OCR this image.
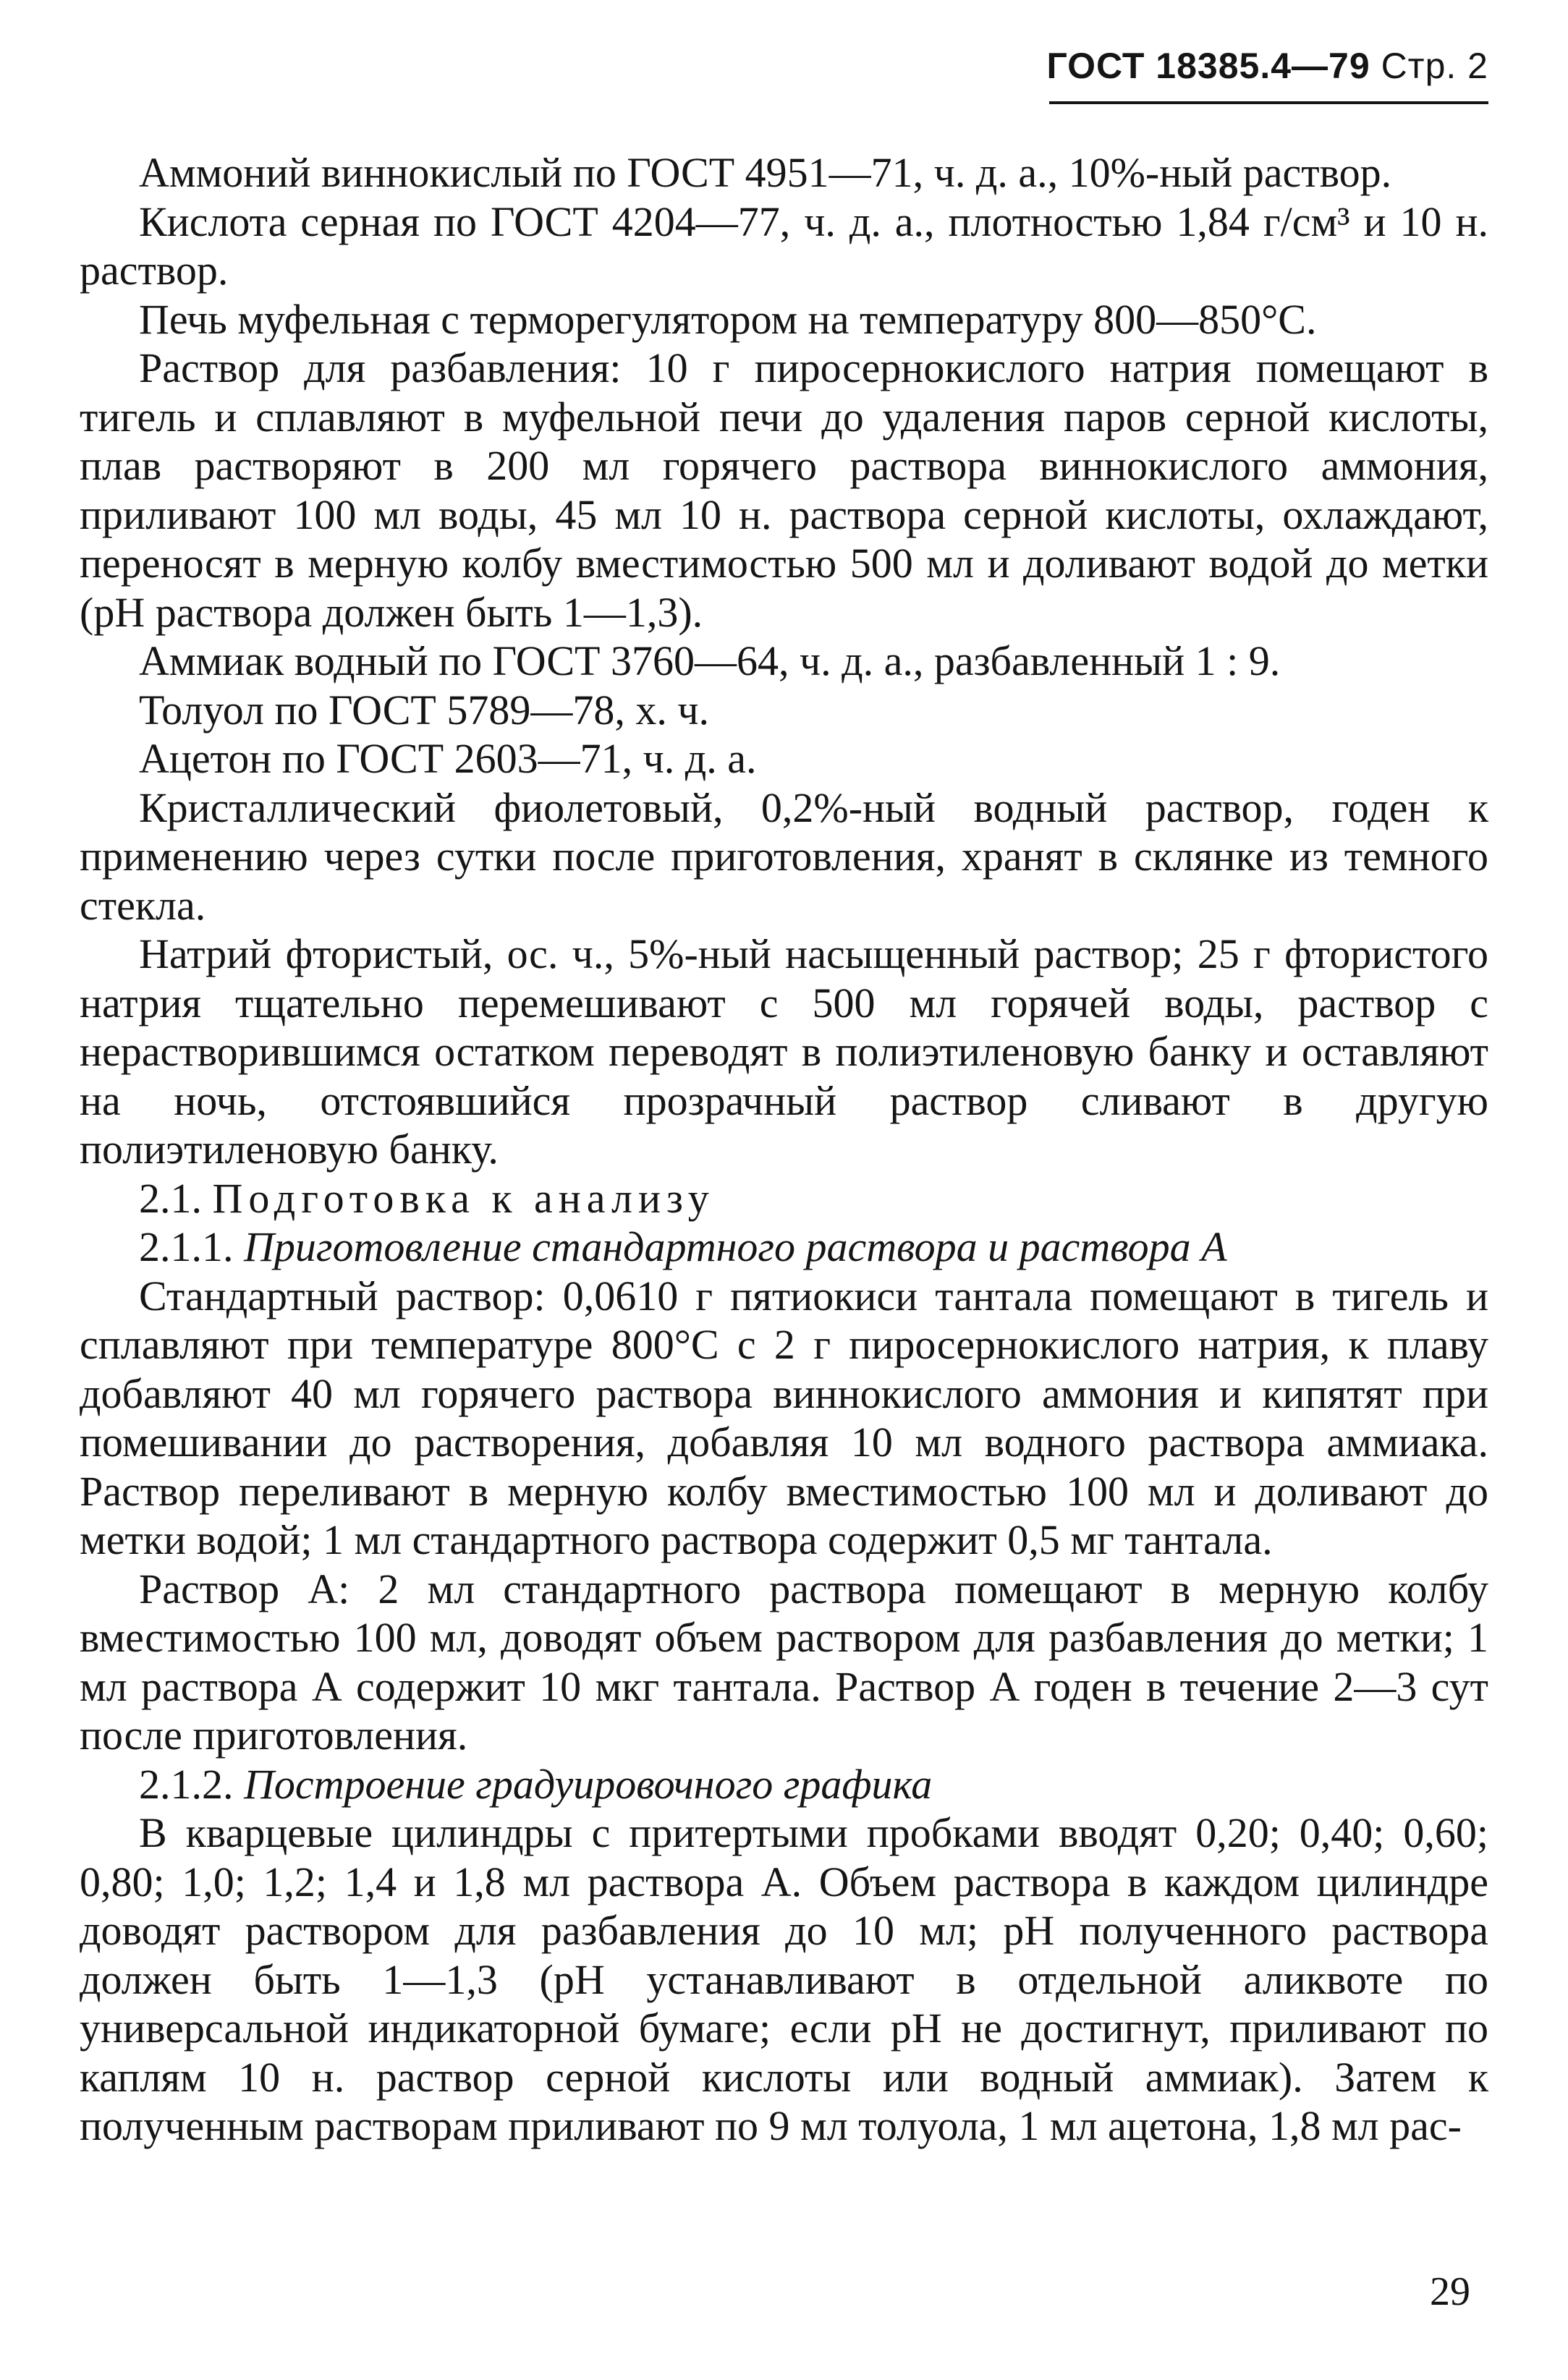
ГОСТ 18385.4—79 Стр. 2

Аммоний виннокислый по ГОСТ 4951—71, ч. д. а., 10%-ный раствор.

Кислота серная по ГОСТ 4204—77, ч. д. а., плотностью 1,84 г/см³ и 10 н. раствор.

Печь муфельная с терморегулятором на температуру 800—850°С.

Раствор для разбавления: 10 г пиросернокислого натрия помещают в тигель и сплавляют в муфельной печи до удаления паров серной кислоты, плав растворяют в 200 мл горячего раствора виннокислого аммония, приливают 100 мл воды, 45 мл 10 н. раствора серной кислоты, охлаждают, переносят в мерную колбу вместимостью 500 мл и доливают водой до метки (рН раствора должен быть 1—1,3).

Аммиак водный по ГОСТ 3760—64, ч. д. а., разбавленный 1 : 9.

Толуол по ГОСТ 5789—78, х. ч.

Ацетон по ГОСТ 2603—71, ч. д. а.

Кристаллический фиолетовый, 0,2%-ный водный раствор, годен к применению через сутки после приготовления, хранят в склянке из темного стекла.

Натрий фтористый, ос. ч., 5%-ный насыщенный раствор; 25 г фтористого натрия тщательно перемешивают с 500 мл горячей воды, раствор с нерастворившимся остатком переводят в полиэтиленовую банку и оставляют на ночь, отстоявшийся прозрачный раствор сливают в другую полиэтиленовую банку.

2.1. Подготовка к анализу

2.1.1. Приготовление стандартного раствора и раствора А

Стандартный раствор: 0,0610 г пятиокиси тантала помещают в тигель и сплавляют при температуре 800°С с 2 г пиросернокислого натрия, к плаву добавляют 40 мл горячего раствора виннокислого аммония и кипятят при помешивании до растворения, добавляя 10 мл водного раствора аммиака. Раствор переливают в мерную колбу вместимостью 100 мл и доливают до метки водой; 1 мл стандартного раствора содержит 0,5 мг тантала.

Раствор А: 2 мл стандартного раствора помещают в мерную колбу вместимостью 100 мл, доводят объем раствором для разбавления до метки; 1 мл раствора А содержит 10 мкг тантала. Раствор А годен в течение 2—3 сут после приготовления.

2.1.2. Построение градуировочного графика

В кварцевые цилиндры с притертыми пробками вводят 0,20; 0,40; 0,60; 0,80; 1,0; 1,2; 1,4 и 1,8 мл раствора А. Объем раствора в каждом цилиндре доводят раствором для разбавления до 10 мл; рН полученного раствора должен быть 1—1,3 (рН устанавливают в отдельной аликвоте по универсальной индикаторной бумаге; если рН не достигнут, приливают по каплям 10 н. раствор серной кислоты или водный аммиак). Затем к полученным растворам приливают по 9 мл толуола, 1 мл ацетона, 1,8 мл рас-

29
